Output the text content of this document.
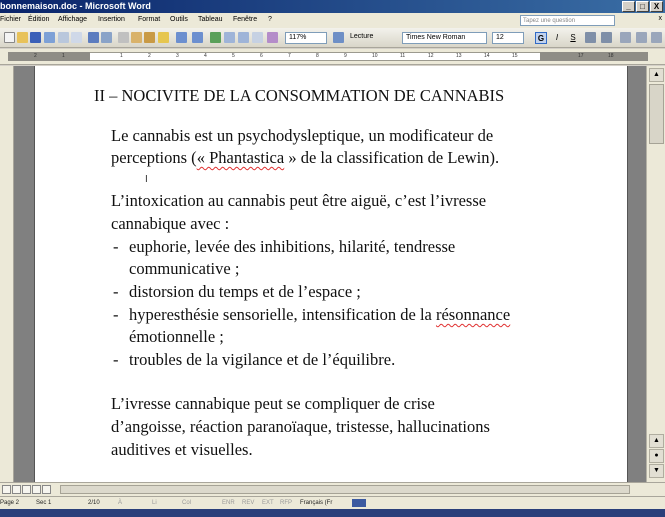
bonnemaison.doc - Microsoft Word	_	□	X
Fichier Édition Affichage Insertion Format Outils Tableau Fenêtre ?	Tapez une question	x
117%	Lecture	Times New Roman	12	G	I	S
2	1	1	2	3	4	5	6	7	8	9	10	11	12	13	14	15	17	18
II – NOCIVITE DE LA CONSOMMATION DE CANNABIS
Le cannabis est un psychodysleptique, un modificateur de
perceptions (« Phantastica » de la classification de Lewin).
I
L’intoxication au cannabis peut être aiguë, c’est l’ivresse
cannabique avec :
- euphorie, levée des inhibitions, hilarité, tendresse
communicative ;
- distorsion du temps et de l’espace ;
- hyperesthésie sensorielle, intensification de la résonnance
émotionnelle ;
- troubles de la vigilance et de l’équilibre.
L’ivresse cannabique peut se compliquer de crise
d’angoisse, réaction paranoïaque, tristesse, hallucinations
auditives et visuelles.
▲
▲
●
▼
Page 2	Sec 1	2/10	À	Li	Col	ENR REV EXT RFP Français (Fr
